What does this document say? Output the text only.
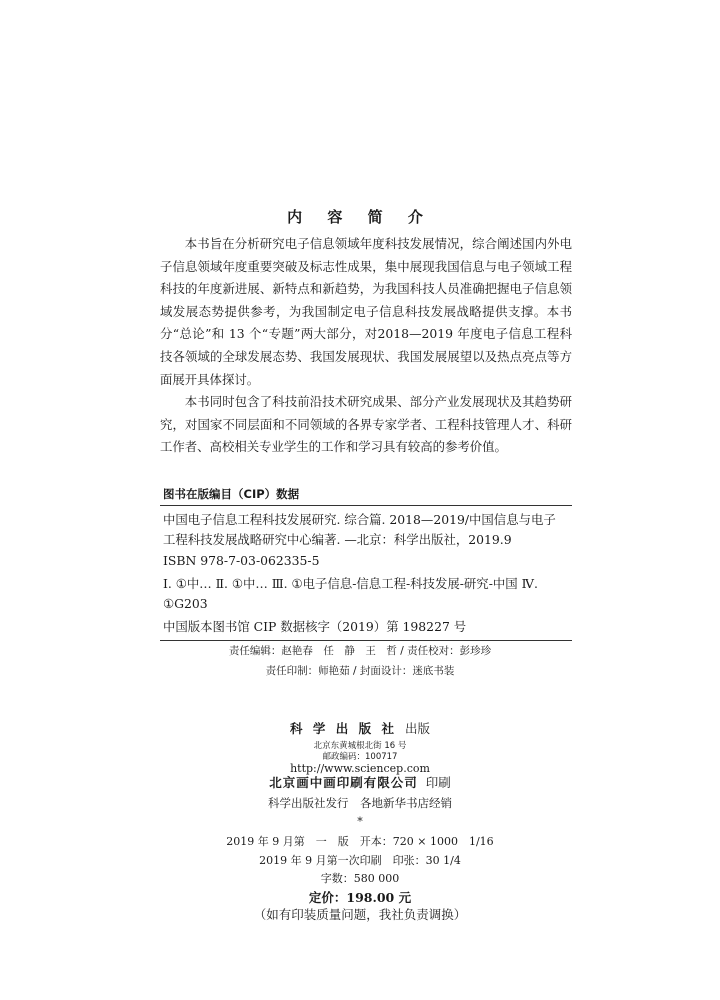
内 容 简 介

本书旨在分析研究电子信息领域年度科技发展情况，综合阐述国内外电子信息领域年度重要突破及标志性成果，集中展现我国信息与电子领域工程科技的年度新进展、新特点和新趋势，为我国科技人员准确把握电子信息领域发展态势提供参考，为我国制定电子信息科技发展战略提供支撑。本书分“总论”和 13 个“专题”两大部分，对2018—2019 年度电子信息工程科技各领域的全球发展态势、我国发展现状、我国发展展望以及热点亮点等方面展开具体探讨。

本书同时包含了科技前沿技术研究成果、部分产业发展现状及其趋势研究，对国家不同层面和不同领域的各界专家学者、工程科技管理人才、科研工作者、高校相关专业学生的工作和学习具有较高的参考价值。

图书在版编目（CIP）数据
中国电子信息工程科技发展研究. 综合篇. 2018—2019/中国信息与电子工程科技发展战略研究中心编著. —北京：科学出版社，2019.9
ISBN 978-7-03-062335-5
Ⅰ. ①中… Ⅱ. ①中… Ⅲ. ①电子信息-信息工程-科技发展-研究-中国 Ⅳ. ①G203
中国版本图书馆 CIP 数据核字（2019）第 198227 号
责任编辑：赵艳春　任　静　王　哲 / 责任校对：彭珍珍
责任印制：师艳茹 / 封面设计：迷底书装
科 学 出 版 社 出版
北京东黄城根北街 16 号
邮政编码：100717
http://www.sciencep.com
北京画中画印刷有限公司 印刷
科学出版社发行　各地新华书店经销
*
2019 年 9 月第　一　版　开本：720 × 1000　1/16
2019 年 9 月第一次印刷　印张：30 1/4
字数：580 000
定价：198.00 元
（如有印装质量问题，我社负责调换）
